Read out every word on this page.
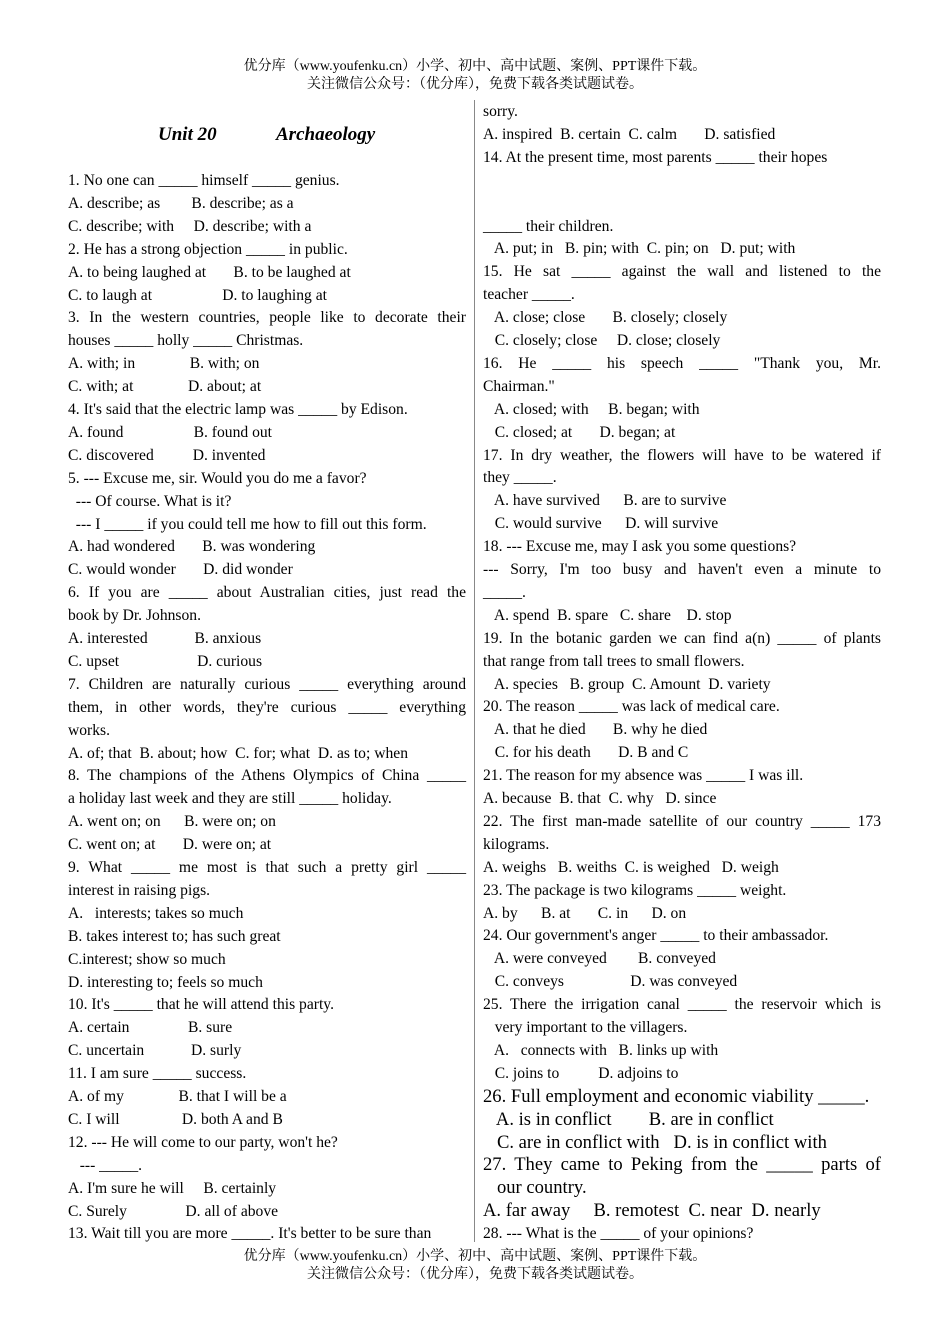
优分库（www.youfenku.cn）小学、初中、高中试题、案例、PPT课件下载。
关注微信公众号：（优分库），免费下载各类试题试卷。
Unit 20	Archaeology
1. No one can _____ himself _____ genius.
A. describe; as        B. describe; as a
C. describe; with     D. describe; with a
2. He has a strong objection _____ in public.
A. to being laughed at       B. to be laughed at
C. to laugh at                  D. to laughing at
3. In the western countries, people like to decorate their
houses _____ holly _____ Christmas.
A. with; in              B. with; on
C. with; at              D. about; at
4. It's said that the electric lamp was _____ by Edison.
A. found                  B. found out
C. discovered          D. invented
5. --- Excuse me, sir. Would you do me a favor?
--- Of course. What is it?
--- I _____ if you could tell me how to fill out this form.
A. had wondered       B. was wondering
C. would wonder       D. did wonder
6. If you are _____ about Australian cities, just read the
book by Dr. Johnson.
A. interested            B. anxious
C. upset                    D. curious
7. Children are naturally curious _____ everything around
them, in other words, they're curious _____ everything
works.
A. of; that  B. about; how  C. for; what  D. as to; when
8. The champions of the Athens Olympics of China _____
a holiday last week and they are still _____ holiday.
A. went on; on      B. were on; on
C. went on; at       D. were on; at
9. What _____ me most is that such a pretty girl _____
interest in raising pigs.
A.   interests; takes so much
B. takes interest to; has such great
C.interest; show so much
D. interesting to; feels so much
10. It's _____ that he will attend this party.
A. certain               B. sure
C. uncertain            D. surly
11. I am sure _____ success.
A. of my              B. that I will be a
C. I will                D. both A and B
12. --- He will come to our party, won't he?
--- _____.
A. I'm sure he will     B. certainly
C. Surely               D. all of above
13. Wait till you are more _____. It's better to be sure than
sorry.
A. inspired  B. certain  C. calm       D. satisfied
14. At the present time, most parents _____ their hopes
_____ their children.
A. put; in   B. pin; with  C. pin; on   D. put; with
15. He sat _____ against the wall and listened to the
teacher _____.
A. close; close       B. closely; closely
C. closely; close     D. close; closely
16. He _____ his speech _____ "Thank you, Mr.
Chairman."
A. closed; with     B. began; with
C. closed; at       D. began; at
17. In dry weather, the flowers will have to be watered if
they _____.
A. have survived      B. are to survive
C. would survive      D. will survive
18. --- Excuse me, may I ask you some questions?
--- Sorry, I'm too busy and haven't even a minute to
_____.
A. spend  B. spare   C. share    D. stop
19. In the botanic garden we can find a(n) _____ of plants
that range from tall trees to small flowers.
A. species   B. group  C. Amount  D. variety
20. The reason _____ was lack of medical care.
A. that he died       B. why he died
C. for his death       D. B and C
21. The reason for my absence was _____ I was ill.
A. because  B. that  C. why   D. since
22. The first man-made satellite of our country _____ 173
kilograms.
A. weighs   B. weiths  C. is weighed   D. weigh
23. The package is two kilograms _____ weight.
A. by      B. at       C. in      D. on
24. Our government's anger _____ to their ambassador.
A. were conveyed        B. conveyed
C. conveys                 D. was conveyed
25. There the irrigation canal _____ the reservoir which is
very important to the villagers.
A.   connects with   B. links up with
C. joins to          D. adjoins to
26. Full employment and economic viability _____.
A. is in conflict        B. are in conflict
C. are in conflict with   D. is in conflict with
27. They came to Peking from the _____ parts of
our country.
A. far away     B. remotest  C. near  D. nearly
28. --- What is the _____ of your opinions?
优分库（www.youfenku.cn）小学、初中、高中试题、案例、PPT课件下载。
关注微信公众号：（优分库），免费下载各类试题试卷。
